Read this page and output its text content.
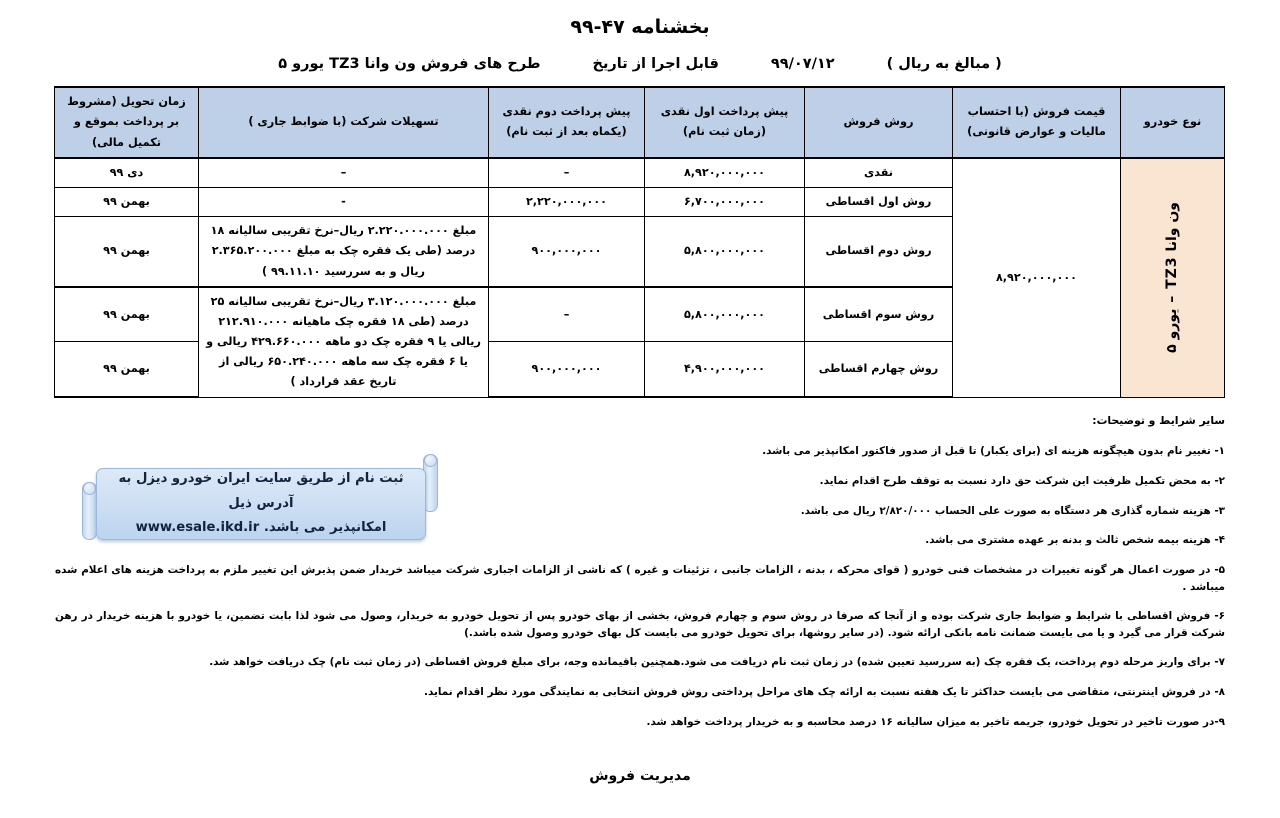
بخشنامه ۴۷-۹۹
( مبالغ به ریال )
۹۹/۰۷/۱۲
قابل اجرا از تاریخ
طرح های فروش ون وانا TZ3 یورو ۵
نوع خودرو	قیمت فروش (با احتساب مالیات و عوارض قانونی)	روش فروش	پیش پرداخت اول نقدی (زمان ثبت نام)	پیش پرداخت دوم نقدی (یکماه بعد از ثبت نام)	تسهیلات شرکت (با ضوابط جاری )	زمان تحویل (مشروط بر پرداخت بموقع و تکمیل مالی)

ون وانا TZ3 – یورو ۵	۸,۹۲۰,۰۰۰,۰۰۰	نقدی	۸,۹۲۰,۰۰۰,۰۰۰	–	–	دی ۹۹
		روش اول اقساطی	۶,۷۰۰,۰۰۰,۰۰۰	۲,۲۲۰,۰۰۰,۰۰۰	-	بهمن ۹۹
		روش دوم اقساطی	۵,۸۰۰,۰۰۰,۰۰۰	۹۰۰,۰۰۰,۰۰۰	مبلغ ۲.۲۲۰.۰۰۰.۰۰۰ ریال–نرخ تقریبی سالیانه ۱۸ درصد (طی یک فقره چک به مبلغ ۲.۳۶۵.۲۰۰.۰۰۰ ریال و به سررسید ۹۹.۱۱.۱۰ )	بهمن ۹۹
		روش سوم اقساطی	۵,۸۰۰,۰۰۰,۰۰۰	–	مبلغ ۳.۱۲۰.۰۰۰.۰۰۰ ریال–نرخ تقریبی سالیانه ۲۵ درصد (طی ۱۸ فقره چک ماهیانه ۲۱۲.۹۱۰.۰۰۰ ریالی یا ۹ فقره چک دو ماهه ۴۲۹.۶۶۰.۰۰۰ ریالی و یا ۶ فقره چک سه ماهه ۶۵۰.۲۴۰.۰۰۰ ریالی از تاریخ عقد قرارداد )	بهمن ۹۹
		روش چهارم اقساطی	۴,۹۰۰,۰۰۰,۰۰۰	۹۰۰,۰۰۰,۰۰۰		بهمن ۹۹
سایر شرایط و توضیحات:
۱- تغییر نام بدون هیچگونه هزینه ای (برای یکبار) تا قبل از صدور فاکتور امکانپذیر می باشد.
۲- به محض تکمیل ظرفیت این شرکت حق دارد نسبت به توقف طرح اقدام نماید.
۳- هزینه شماره گذاری هر دستگاه به صورت علی الحساب ۲/۸۲۰/۰۰۰ ریال می باشد.
۴- هزینه بیمه شخص ثالث و بدنه بر عهده مشتری می باشد.
۵- در صورت اعمال هر گونه تغییرات در مشخصات فنی خودرو ( قوای محرکه ، بدنه ، الزامات جانبی ، تزئینات و غیره ) که ناشی از الزامات اجباری شرکت میباشد خریدار ضمن پذیرش این تغییر ملزم به پرداخت هزینه های اعلام شده میباشد .
۶- فروش اقساطی با شرایط و ضوابط جاری شرکت بوده و از آنجا که صرفا در روش سوم و چهارم فروش، بخشی از بهای خودرو پس از تحویل خودرو به خریدار، وصول می شود لذا بابت تضمین، یا خودرو با هزینه خریدار در رهن شرکت قرار می گیرد و یا می بایست ضمانت نامه بانکی ارائه شود. (در سایر روشها، برای تحویل خودرو می بایست کل بهای خودرو وصول شده باشد.)
۷- برای واریز مرحله دوم پرداخت، یک فقره چک (به سررسید تعیین شده) در زمان ثبت نام دریافت می شود.همچنین باقیمانده وجه، برای مبلغ فروش اقساطی (در زمان ثبت نام) چک دریافت خواهد شد.
۸- در فروش اینترنتی، متقاضی می بایست حداکثر تا یک هفته نسبت به ارائه چک های مراحل پرداختی روش فروش انتخابی به نمایندگی مورد نظر اقدام نماید.
۹-در صورت تاخیر در تحویل خودرو، جریمه تاخیر به میزان سالیانه ۱۶ درصد محاسبه و به خریدار پرداخت خواهد شد.
ثبت نام از طریق سایت ایران خودرو دیزل به آدرس ذیل
امکانپذیر می باشد. www.esale.ikd.ir
مدیریت فروش
